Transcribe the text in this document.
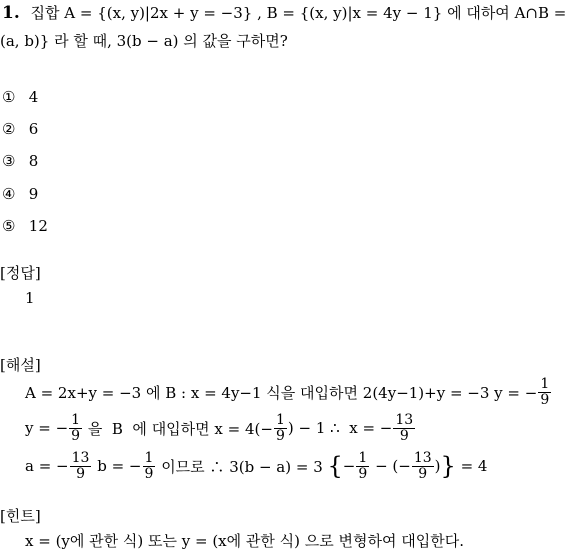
1. 집합 A = {(x, y)|2x + y = −3} , B = {(x, y)|x = 4y − 1} 에 대하여 A∩B =
(a, b)} 라 할 때, 3(b − a) 의 값을 구하면?
① 4
② 6
③ 8
④ 9
⑤ 12
[정답]
1
[해설]
A = 2x+y = −3 에 B : x = 4y−1 식을 대입하면 2(4y−1)+y = −3 y = − $\frac{1}{9}$
y = − $\frac{1}{9}$ 을  B  에 대입하면 $x = 4(- \frac{1}{9}$ ) − 1 ∴  x = − $\frac{13}{9}$
a = − $\frac{13}{9}$ b = − $\frac{1}{9}$ 이므로 ∴ 3(b − a) = 3 { − $\frac{1}{9}$ − (− $\frac{13}{9}$ ) } = 4
[힌트]
x = (y에 관한 식) 또는 y = (x에 관한 식) 으로 변형하여 대입한다.
